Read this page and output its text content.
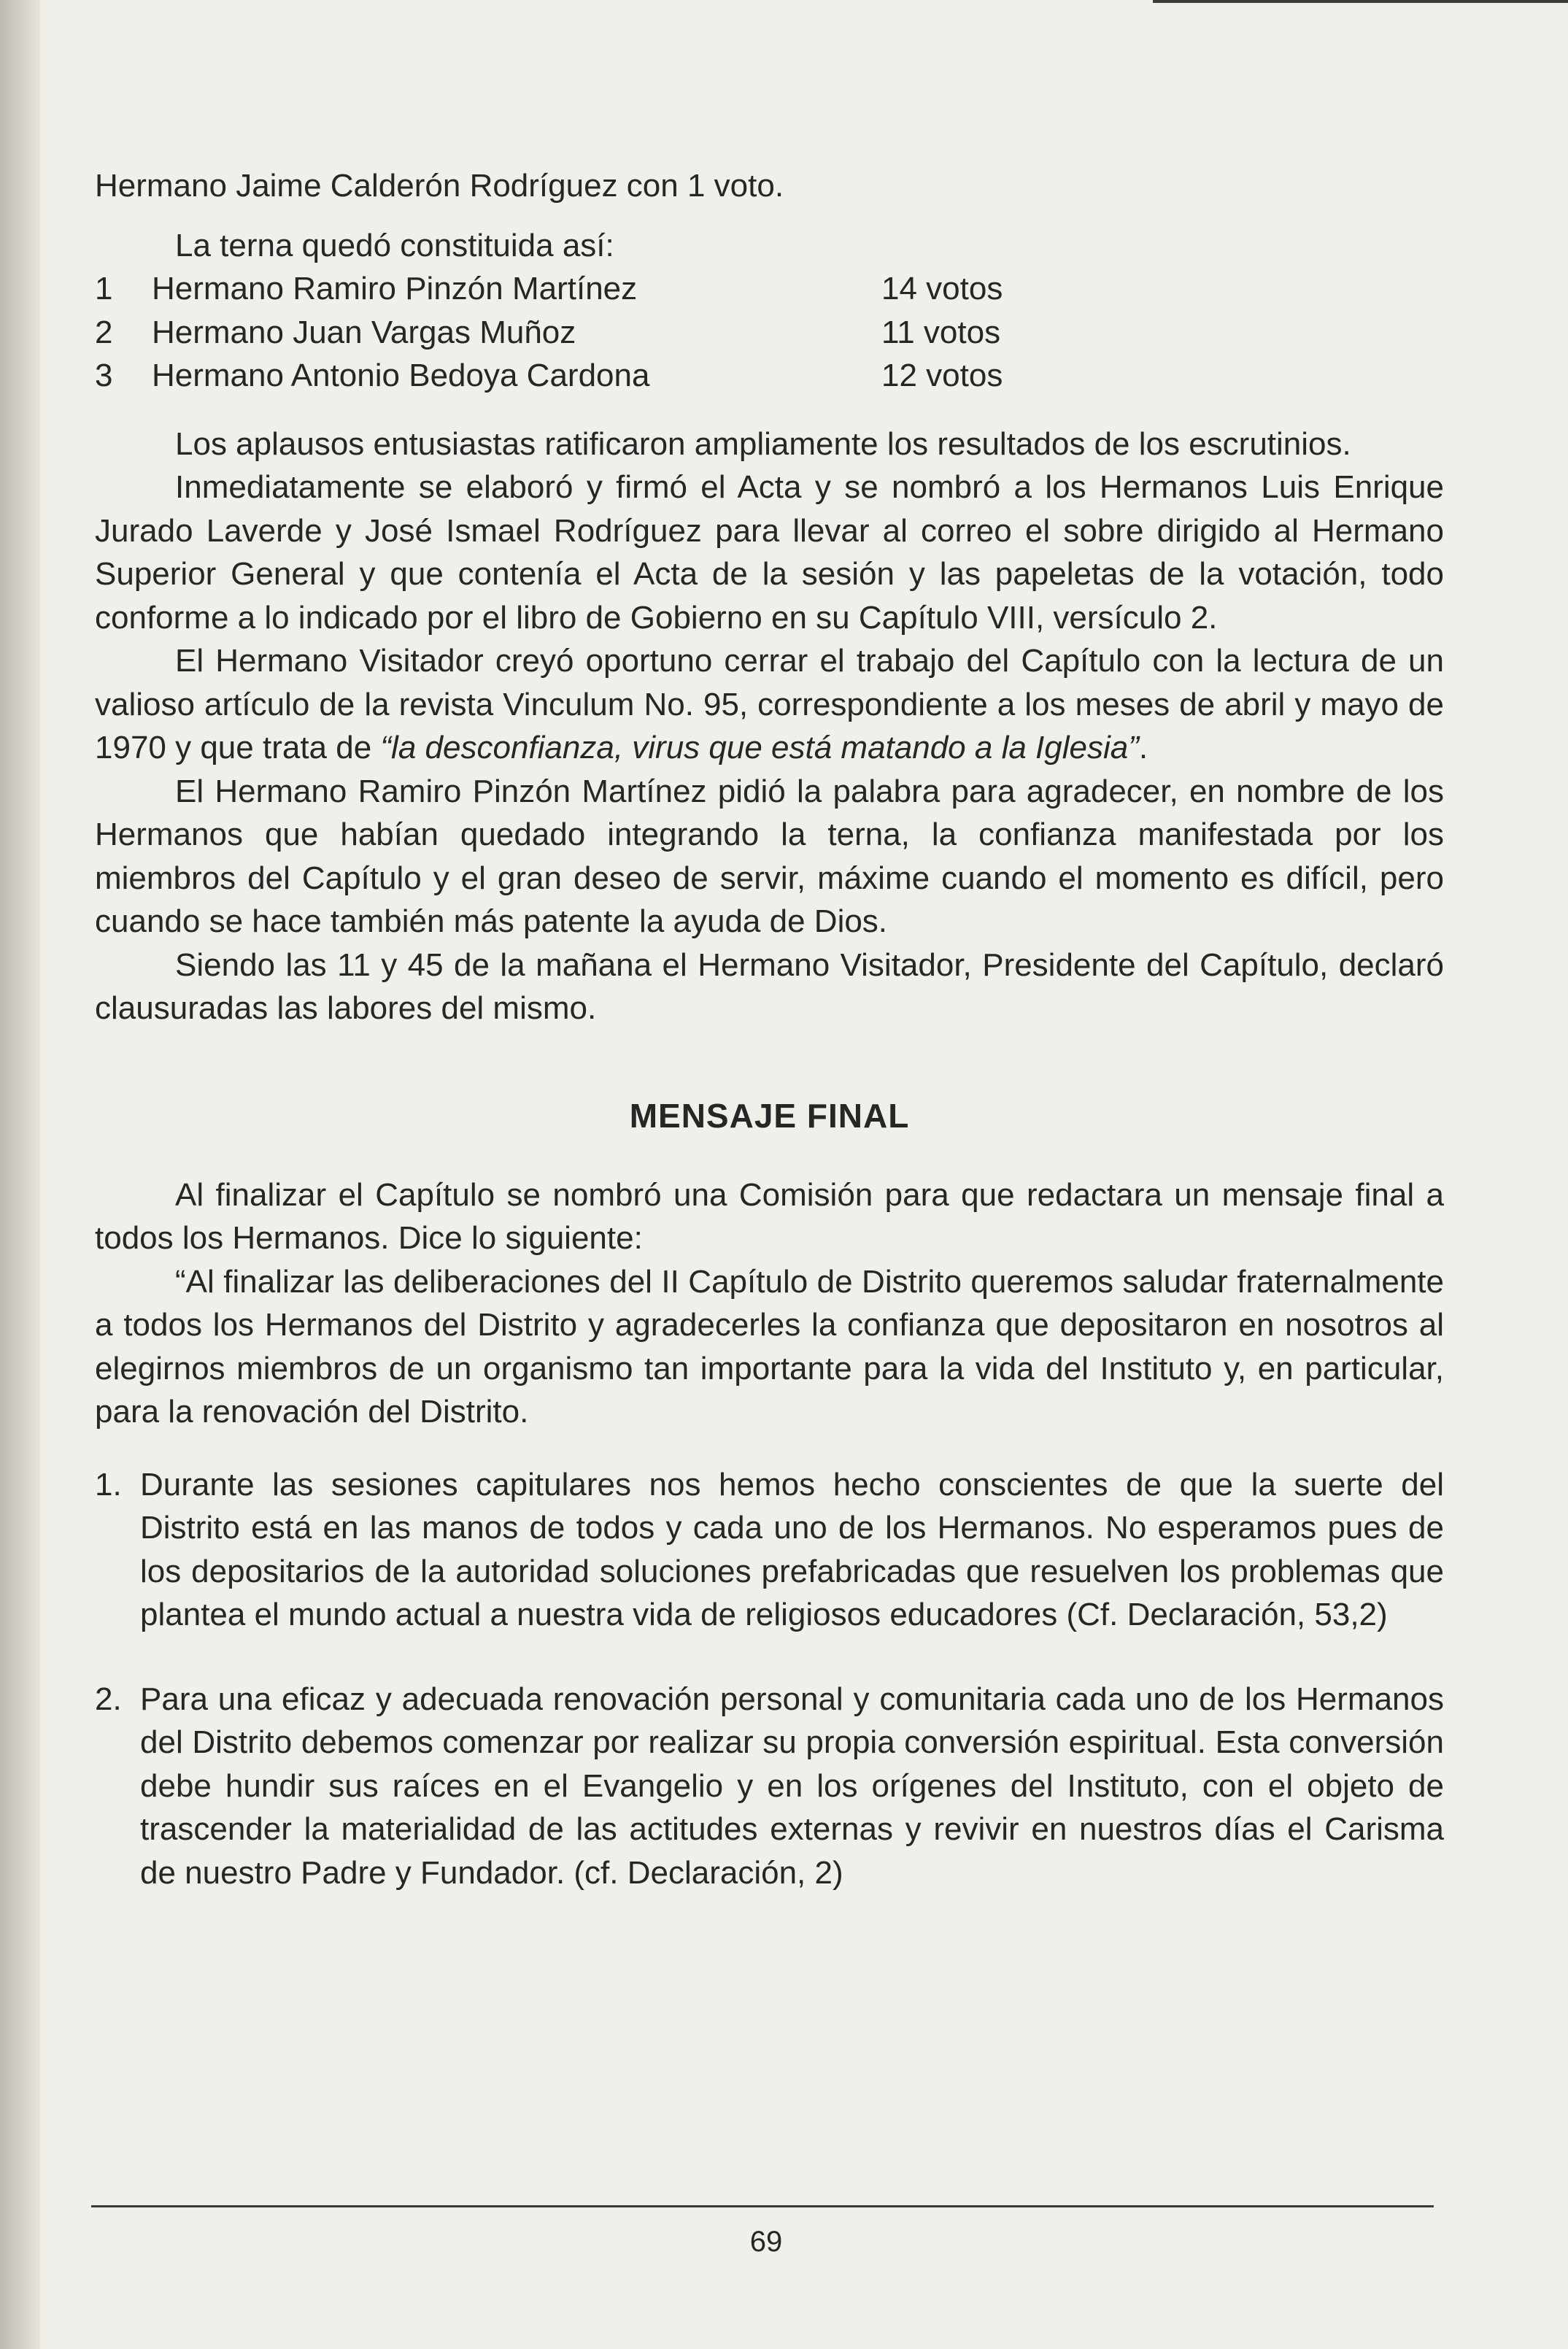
Hermano Jaime Calderón Rodríguez con 1 voto.

La terna quedó constituida así:

1	Hermano Ramiro Pinzón Martínez	14 votos
2	Hermano Juan Vargas Muñoz	11 votos
3	Hermano Antonio Bedoya Cardona	12 votos

Los aplausos entusiastas ratificaron ampliamente los resultados de los escrutinios.

Inmediatamente se elaboró y firmó el Acta y se nombró a los Hermanos Luis Enrique Jurado Laverde y José Ismael Rodríguez para llevar al correo el sobre dirigido al Hermano Superior General y que contenía el Acta de la sesión y las papeletas de la votación, todo conforme a lo indicado por el libro de Gobierno en su Capítulo VIII, versículo 2.

El Hermano Visitador creyó oportuno cerrar el trabajo del Capítulo con la lectura de un valioso artículo de la revista Vinculum No. 95, correspondiente a los meses de abril y mayo de 1970 y que trata de “la desconfianza, virus que está matando a la Iglesia”.

El Hermano Ramiro Pinzón Martínez pidió la palabra para agradecer, en nombre de los Hermanos que habían quedado integrando la terna, la confianza manifestada por los miembros del Capítulo y el gran deseo de servir, máxime cuando el momento es difícil, pero cuando se hace también más patente la ayuda de Dios.

Siendo las 11 y 45 de la mañana el Hermano Visitador, Presidente del Capítulo, declaró clausuradas las labores del mismo.

MENSAJE FINAL

Al finalizar el Capítulo se nombró una Comisión para que redactara un mensaje final a todos los Hermanos. Dice lo siguiente:

“Al finalizar las deliberaciones del II Capítulo de Distrito queremos saludar fraternalmente a todos los Hermanos del Distrito y agradecerles la confianza que depositaron en nosotros al elegirnos miembros de un organismo tan importante para la vida del Instituto y, en particular, para la renovación del Distrito.

1. Durante las sesiones capitulares nos hemos hecho conscientes de que la suerte del Distrito está en las manos de todos y cada uno de los Hermanos. No esperamos pues de los depositarios de la autoridad soluciones prefabricadas que resuelven los problemas que plantea el mundo actual a nuestra vida de religiosos educadores (Cf. Declaración, 53,2)
2. Para una eficaz y adecuada renovación personal y comunitaria cada uno de los Hermanos del Distrito debemos comenzar por realizar su propia conversión espiritual. Esta conversión debe hundir sus raíces en el Evangelio y en los orígenes del Instituto, con el objeto de trascender la materialidad de las actitudes externas y revivir en nuestros días el Carisma de nuestro Padre y Fundador. (cf. Declaración, 2)
69
